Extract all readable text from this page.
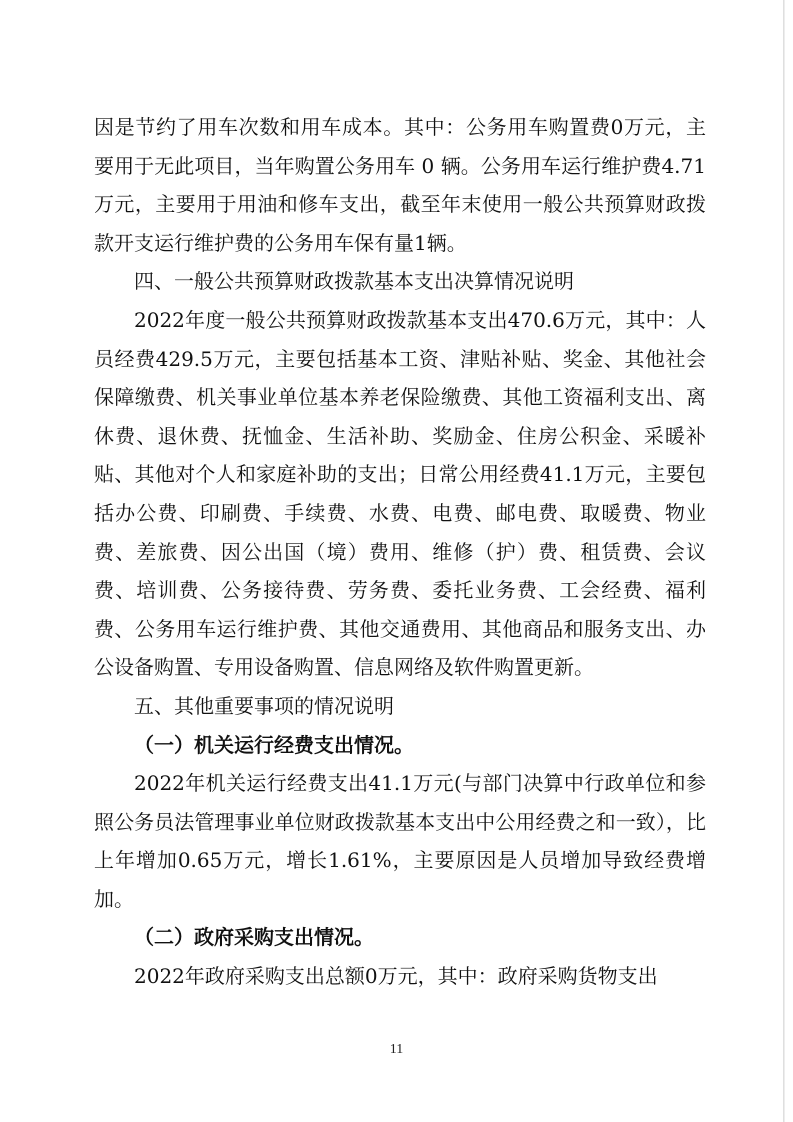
因是节约了用车次数和用车成本。其中：公务用车购置费0万元，主要用于无此项目，当年购置公务用车 0 辆。公务用车运行维护费4.71万元，主要用于用油和修车支出，截至年末使用一般公共预算财政拨款开支运行维护费的公务用车保有量1辆。

四、一般公共预算财政拨款基本支出决算情况说明

2022年度一般公共预算财政拨款基本支出470.6万元，其中：人员经费429.5万元，主要包括基本工资、津贴补贴、奖金、其他社会保障缴费、机关事业单位基本养老保险缴费、其他工资福利支出、离休费、退休费、抚恤金、生活补助、奖励金、住房公积金、采暖补贴、其他对个人和家庭补助的支出；日常公用经费41.1万元，主要包括办公费、印刷费、手续费、水费、电费、邮电费、取暖费、物业费、差旅费、因公出国（境）费用、维修（护）费、租赁费、会议费、培训费、公务接待费、劳务费、委托业务费、工会经费、福利费、公务用车运行维护费、其他交通费用、其他商品和服务支出、办公设备购置、专用设备购置、信息网络及软件购置更新。

五、其他重要事项的情况说明

（一）机关运行经费支出情况。

2022年机关运行经费支出41.1万元(与部门决算中行政单位和参照公务员法管理事业单位财政拨款基本支出中公用经费之和一致），比上年增加0.65万元，增长1.61%，主要原因是人员增加导致经费增加。

（二）政府采购支出情况。

2022年政府采购支出总额0万元，其中：政府采购货物支出

11
